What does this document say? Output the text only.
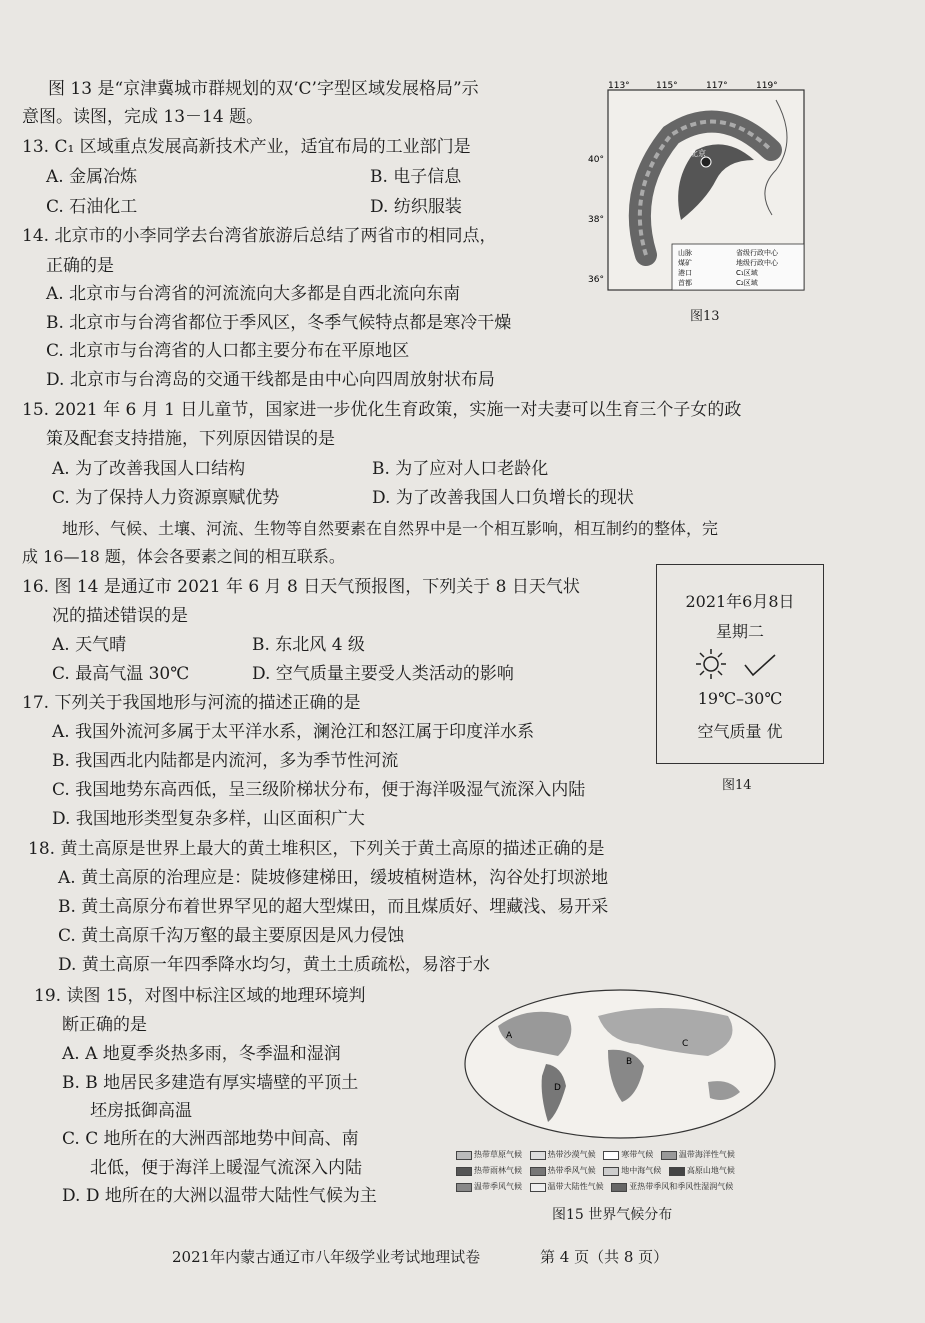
图 13 是“京津冀城市群规划的双‘C’字型区域发展格局”示
意图。读图，完成 13－14 题。
13. C₁ 区域重点发展高新技术产业，适宜布局的工业部门是
A. 金属冶炼	B. 电子信息
C. 石油化工	D. 纺织服装
14. 北京市的小李同学去台湾省旅游后总结了两省市的相同点，
正确的是
A. 北京市与台湾省的河流流向大多都是自西北流向东南
B. 北京市与台湾省都位于季风区，冬季气候特点都是寒冷干燥
C. 北京市与台湾省的人口都主要分布在平原地区
D. 北京市与台湾岛的交通干线都是由中心向四周放射状布局
113°	115°	117°	119°
40°
38°
36°
北京
山脉	省级行政中心
煤矿	地级行政中心
港口	C₁区域
首都	C₂区域
图13
15. 2021 年 6 月 1 日儿童节，国家进一步优化生育政策，实施一对夫妻可以生育三个子女的政
策及配套支持措施，下列原因错误的是
A. 为了改善我国人口结构	B. 为了应对人口老龄化
C. 为了保持人力资源禀赋优势	D. 为了改善我国人口负增长的现状
地形、气候、土壤、河流、生物等自然要素在自然界中是一个相互影响，相互制约的整体，完
成 16—18 题，体会各要素之间的相互联系。
16. 图 14 是通辽市 2021 年 6 月 8 日天气预报图，下列关于 8 日天气状
况的描述错误的是
A. 天气晴	B. 东北风 4 级
C. 最高气温 30℃	D. 空气质量主要受人类活动的影响
2021年6月8日
星期二
19℃–30℃
空气质量 优
图14
17. 下列关于我国地形与河流的描述正确的是
A. 我国外流河多属于太平洋水系，澜沧江和怒江属于印度洋水系
B. 我国西北内陆都是内流河，多为季节性河流
C. 我国地势东高西低，呈三级阶梯状分布，便于海洋吸湿气流深入内陆
D. 我国地形类型复杂多样，山区面积广大
18. 黄土高原是世界上最大的黄土堆积区，下列关于黄土高原的描述正确的是
A. 黄土高原的治理应是：陡坡修建梯田，缓坡植树造林，沟谷处打坝淤地
B. 黄土高原分布着世界罕见的超大型煤田，而且煤质好、埋藏浅、易开采
C. 黄土高原千沟万壑的最主要原因是风力侵蚀
D. 黄土高原一年四季降水均匀，黄土土质疏松，易溶于水
19. 读图 15，对图中标注区域的地理环境判
断正确的是
A. A 地夏季炎热多雨，冬季温和湿润
B. B 地居民多建造有厚实墙壁的平顶土
坯房抵御高温
C. C 地所在的大洲西部地势中间高、南
北低，便于海洋上暖湿气流深入内陆
D. D 地所在的大洲以温带大陆性气候为主
A
B
C
D
热带草原气候	热带沙漠气候	寒带气候	温带海洋性气候
热带雨林气候	热带季风气候	地中海气候	高原山地气候
温带季风气候	温带大陆性气候	亚热带季风和季风性湿润气候
图15 世界气候分布
2021年内蒙古通辽市八年级学业考试地理试卷	第 4 页（共 8 页）
